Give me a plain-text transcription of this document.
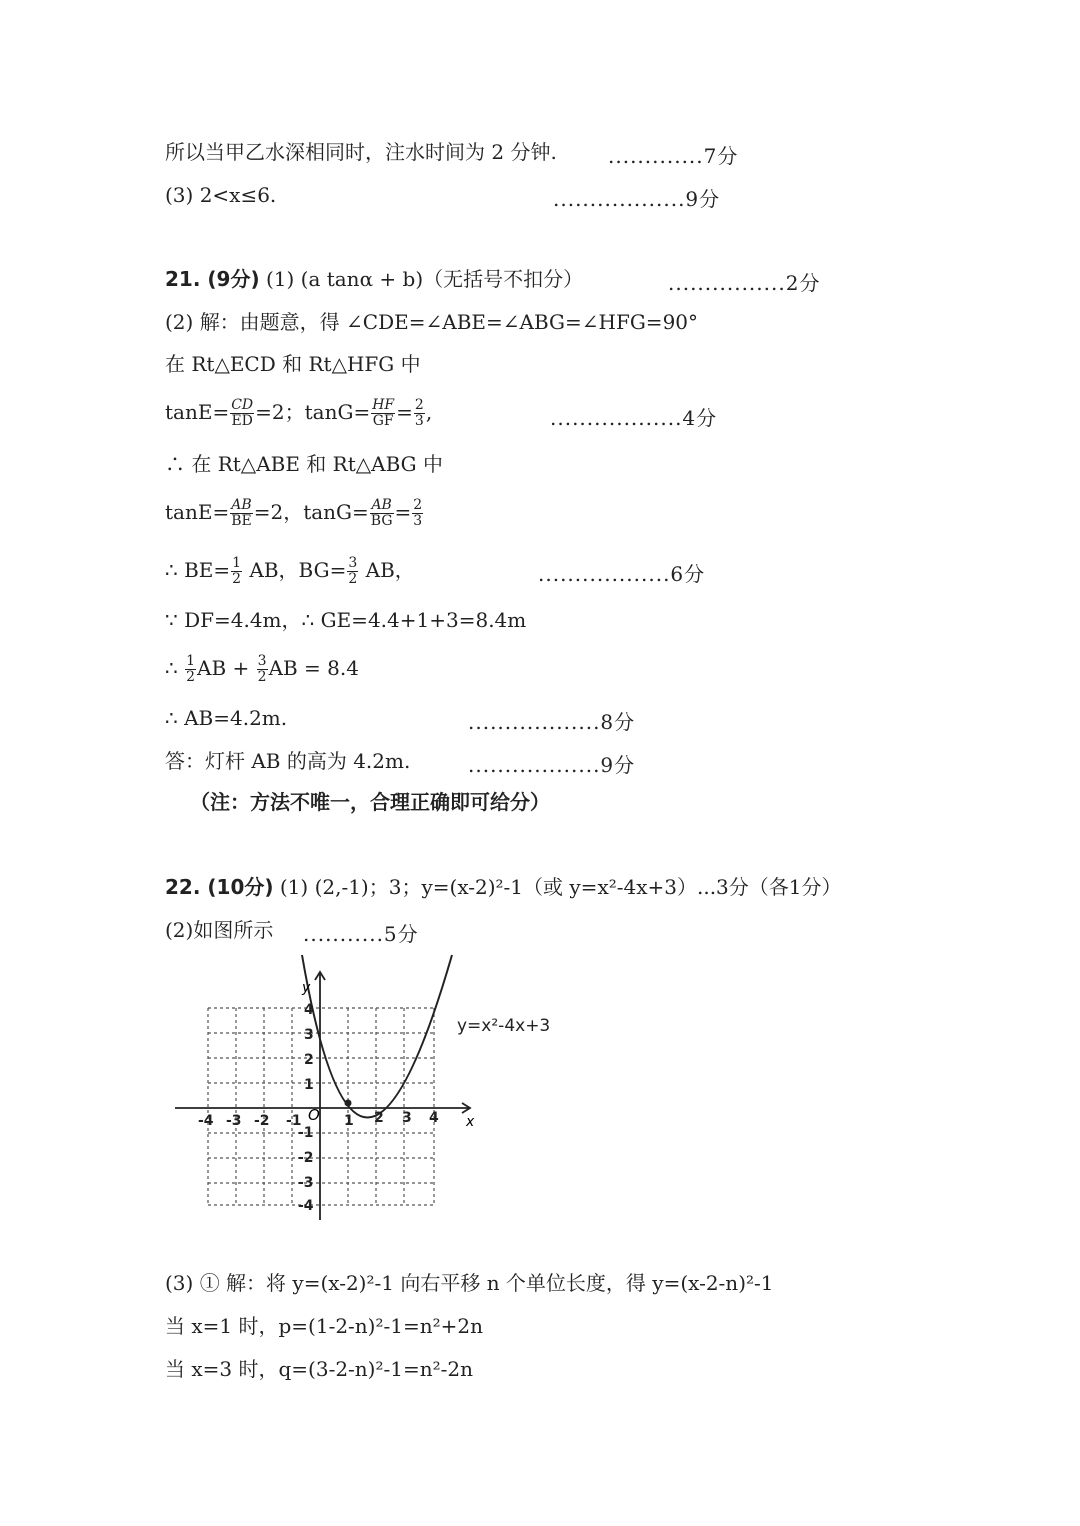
所以当甲乙水深相同时，注水时间为 2 分钟.	.............7分
(3) 2<x≤6.	..................9分
21. (9分) (1) (a tanα + b)（无括号不扣分）	................2分
(2) 解：由题意，得 ∠CDE=∠ABE=∠ABG=∠HFG=90°
在 Rt△ECD 和 Rt△HFG 中
$\tan E= \frac{CD}{ED} =2$；$\tan G= \frac{HF}{GF} = \frac{2}{3}$ ,	..................4分
∴ 在 Rt△ABE 和 Rt△ABG 中
$\tan E= \frac{AB}{BE} =2$，$\tan G= \frac{AB}{BG} = \frac{2}{3}$
∴ $BE= \frac{1}{2}$ AB，$BG= \frac{3}{2}$ AB，	..................6分
∵ DF=4.4m，∴ GE=4.4+1+3=8.4m
∴ $\frac{1}{2}$ AB + $\frac{3}{2}$ AB = 8.4
∴ AB=4.2m.	..................8分
答：灯杆 AB 的高为 4.2m.	..................9分
（注：方法不唯一，合理正确即可给分）
22. (10分) (1) (2,-1)；3；y=(x-2)²-1（或 y=x²-4x+3）...3分（各1分）
(2)如图所示 ...........5分
x
y
O
-4 -3 -2 -1	1 2 3 4
4
3
2
1
-1
-2
-3
-4
y=x²-4x+3
(3) ① 解：将 y=(x-2)²-1 向右平移 n 个单位长度，得 y=(x-2-n)²-1
当 x=1 时，p=(1-2-n)²-1=n²+2n
当 x=3 时，q=(3-2-n)²-1=n²-2n
